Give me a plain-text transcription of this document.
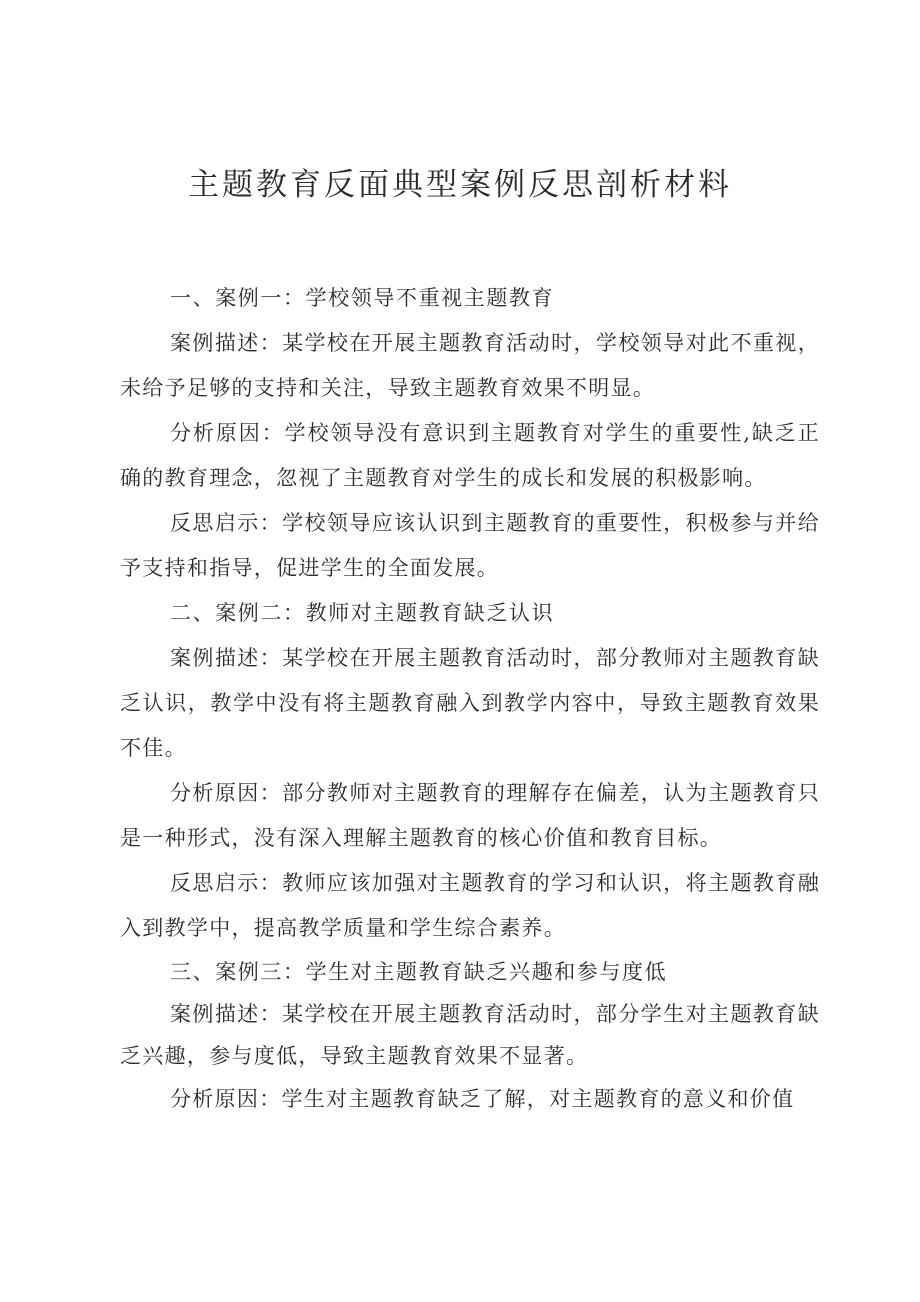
主题教育反面典型案例反思剖析材料

一、案例一：学校领导不重视主题教育

案例描述：某学校在开展主题教育活动时，学校领导对此不重视，未给予足够的支持和关注，导致主题教育效果不明显。

分析原因：学校领导没有意识到主题教育对学生的重要性,缺乏正确的教育理念，忽视了主题教育对学生的成长和发展的积极影响。

反思启示：学校领导应该认识到主题教育的重要性，积极参与并给予支持和指导，促进学生的全面发展。

二、案例二：教师对主题教育缺乏认识

案例描述：某学校在开展主题教育活动时，部分教师对主题教育缺乏认识，教学中没有将主题教育融入到教学内容中，导致主题教育效果不佳。

分析原因：部分教师对主题教育的理解存在偏差，认为主题教育只是一种形式，没有深入理解主题教育的核心价值和教育目标。

反思启示：教师应该加强对主题教育的学习和认识，将主题教育融入到教学中，提高教学质量和学生综合素养。

三、案例三：学生对主题教育缺乏兴趣和参与度低

案例描述：某学校在开展主题教育活动时，部分学生对主题教育缺乏兴趣，参与度低，导致主题教育效果不显著。

分析原因：学生对主题教育缺乏了解，对主题教育的意义和价值
